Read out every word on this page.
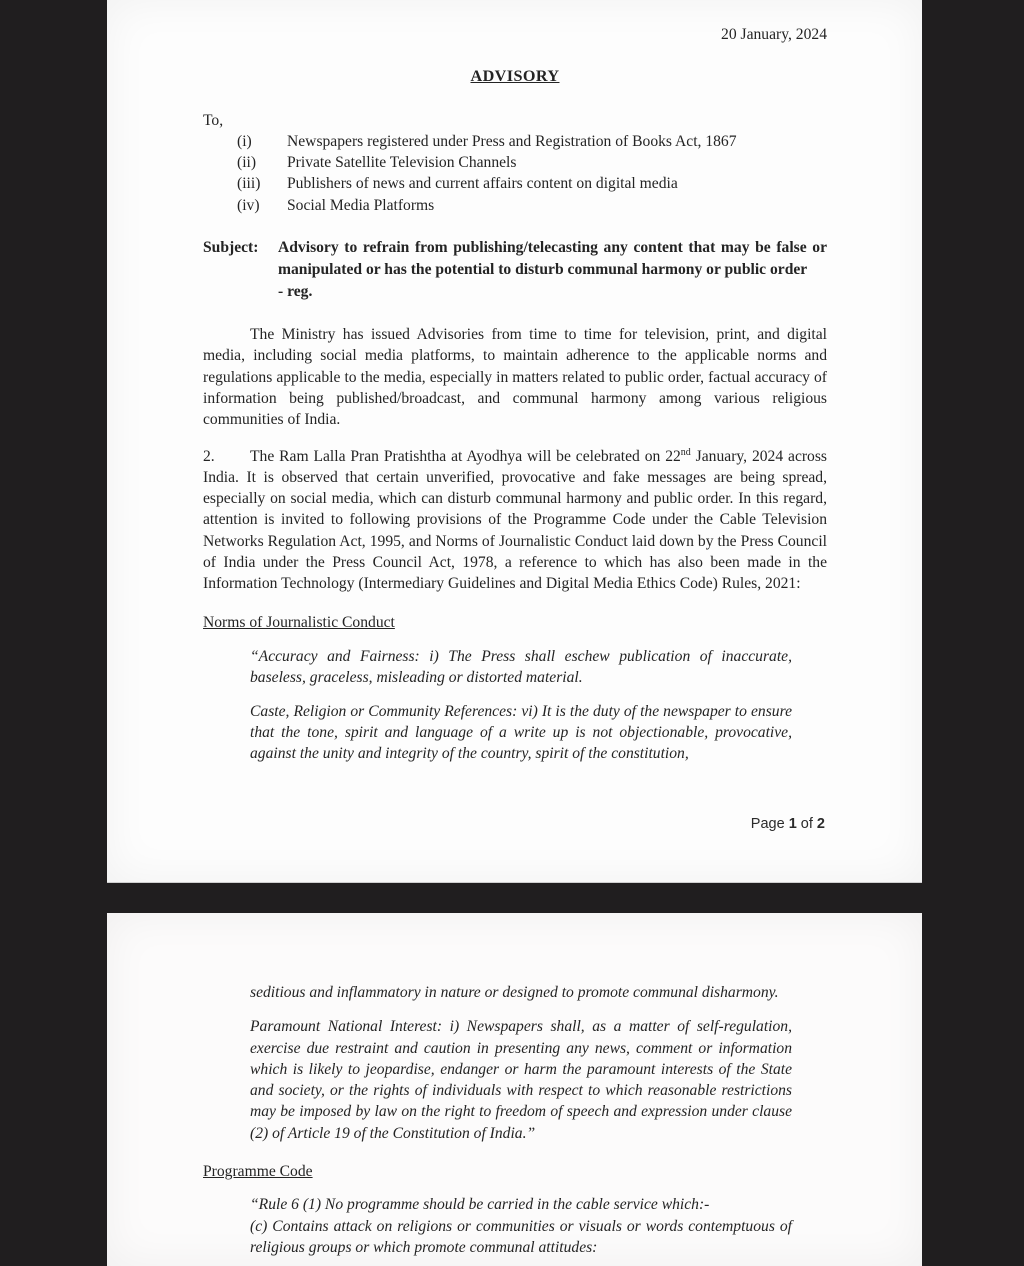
20 January, 2024
ADVISORY
To,
(i)	Newspapers registered under Press and Registration of Books Act, 1867
(ii)	Private Satellite Television Channels
(iii)	Publishers of news and current affairs content on digital media
(iv)	Social Media Platforms
Subject:	Advisory to refrain from publishing/telecasting any content that may be false or manipulated or has the potential to disturb communal harmony or public order

- reg.

The Ministry has issued Advisories from time to time for television, print, and digital media, including social media platforms, to maintain adherence to the applicable norms and regulations applicable to the media, especially in matters related to public order, factual accuracy of information being published/broadcast, and communal harmony among various religious communities of India.

2. The Ram Lalla Pran Pratishtha at Ayodhya will be celebrated on 22nd January, 2024 across India. It is observed that certain unverified, provocative and fake messages are being spread, especially on social media, which can disturb communal harmony and public order. In this regard, attention is invited to following provisions of the Programme Code under the Cable Television Networks Regulation Act, 1995, and Norms of Journalistic Conduct laid down by the Press Council of India under the Press Council Act, 1978, a reference to which has also been made in the Information Technology (Intermediary Guidelines and Digital Media Ethics Code) Rules, 2021:

Norms of Journalistic Conduct

“Accuracy and Fairness: i) The Press shall eschew publication of inaccurate, baseless, graceless, misleading or distorted material.

Caste, Religion or Community References: vi) It is the duty of the newspaper to ensure that the tone, spirit and language of a write up is not objectionable, provocative, against the unity and integrity of the country, spirit of the constitution,

Page 1 of 2

seditious and inflammatory in nature or designed to promote communal disharmony.

Paramount National Interest: i) Newspapers shall, as a matter of self-regulation, exercise due restraint and caution in presenting any news, comment or information which is likely to jeopardise, endanger or harm the paramount interests of the State and society, or the rights of individuals with respect to which reasonable restrictions may be imposed by law on the right to freedom of speech and expression under clause (2) of Article 19 of the Constitution of India.”

Programme Code

“Rule 6 (1) No programme should be carried in the cable service which:-

(c) Contains attack on religions or communities or visuals or words contemptuous of religious groups or which promote communal attitudes:
